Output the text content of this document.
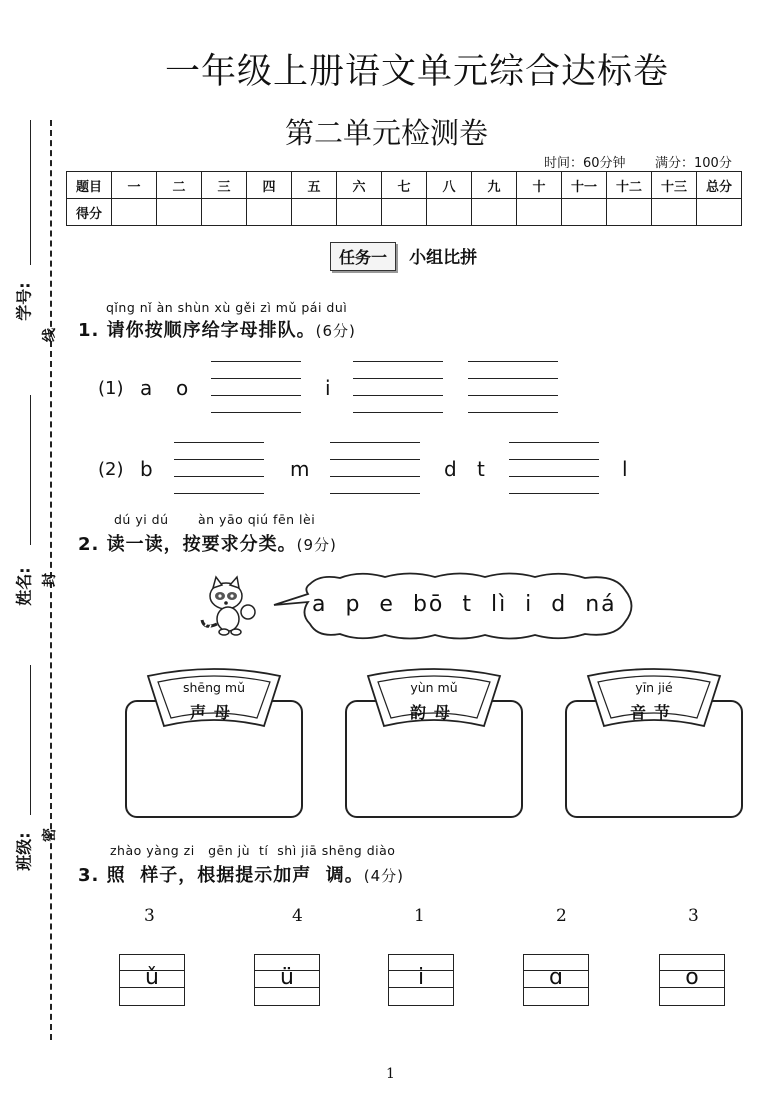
一年级上册语文单元综合达标卷
第二单元检测卷
时间：60分钟 满分：100分
学号:
线
姓名: 封
班级: 密
题目	一	二	三	四	五	六	七	八	九	十	十一	十二	十三	总分
得分														
任务一 小组比拼
qǐng nǐ àn shùn xù gěi zì mǔ pái duì
1. 请你按顺序给字母排队。(6分)
(1) a o	i
(2) b	m	d t	l
dú yi dú àn yāo qiú fēn lèi
2. 读一读，按要求分类。(9分)
a  p  e  bō  t  lì  i  d  ná
shēng mǔ
声母
yùn mǔ
韵母
yīn jié
音节
zhào yàng zi   gēn jù  tí  shì jiā shēng diào
3. 照  样子，根据提示加声  调。(4分)
3	4	1	2	3
ǔ	ü	i	ɑ	o
1
